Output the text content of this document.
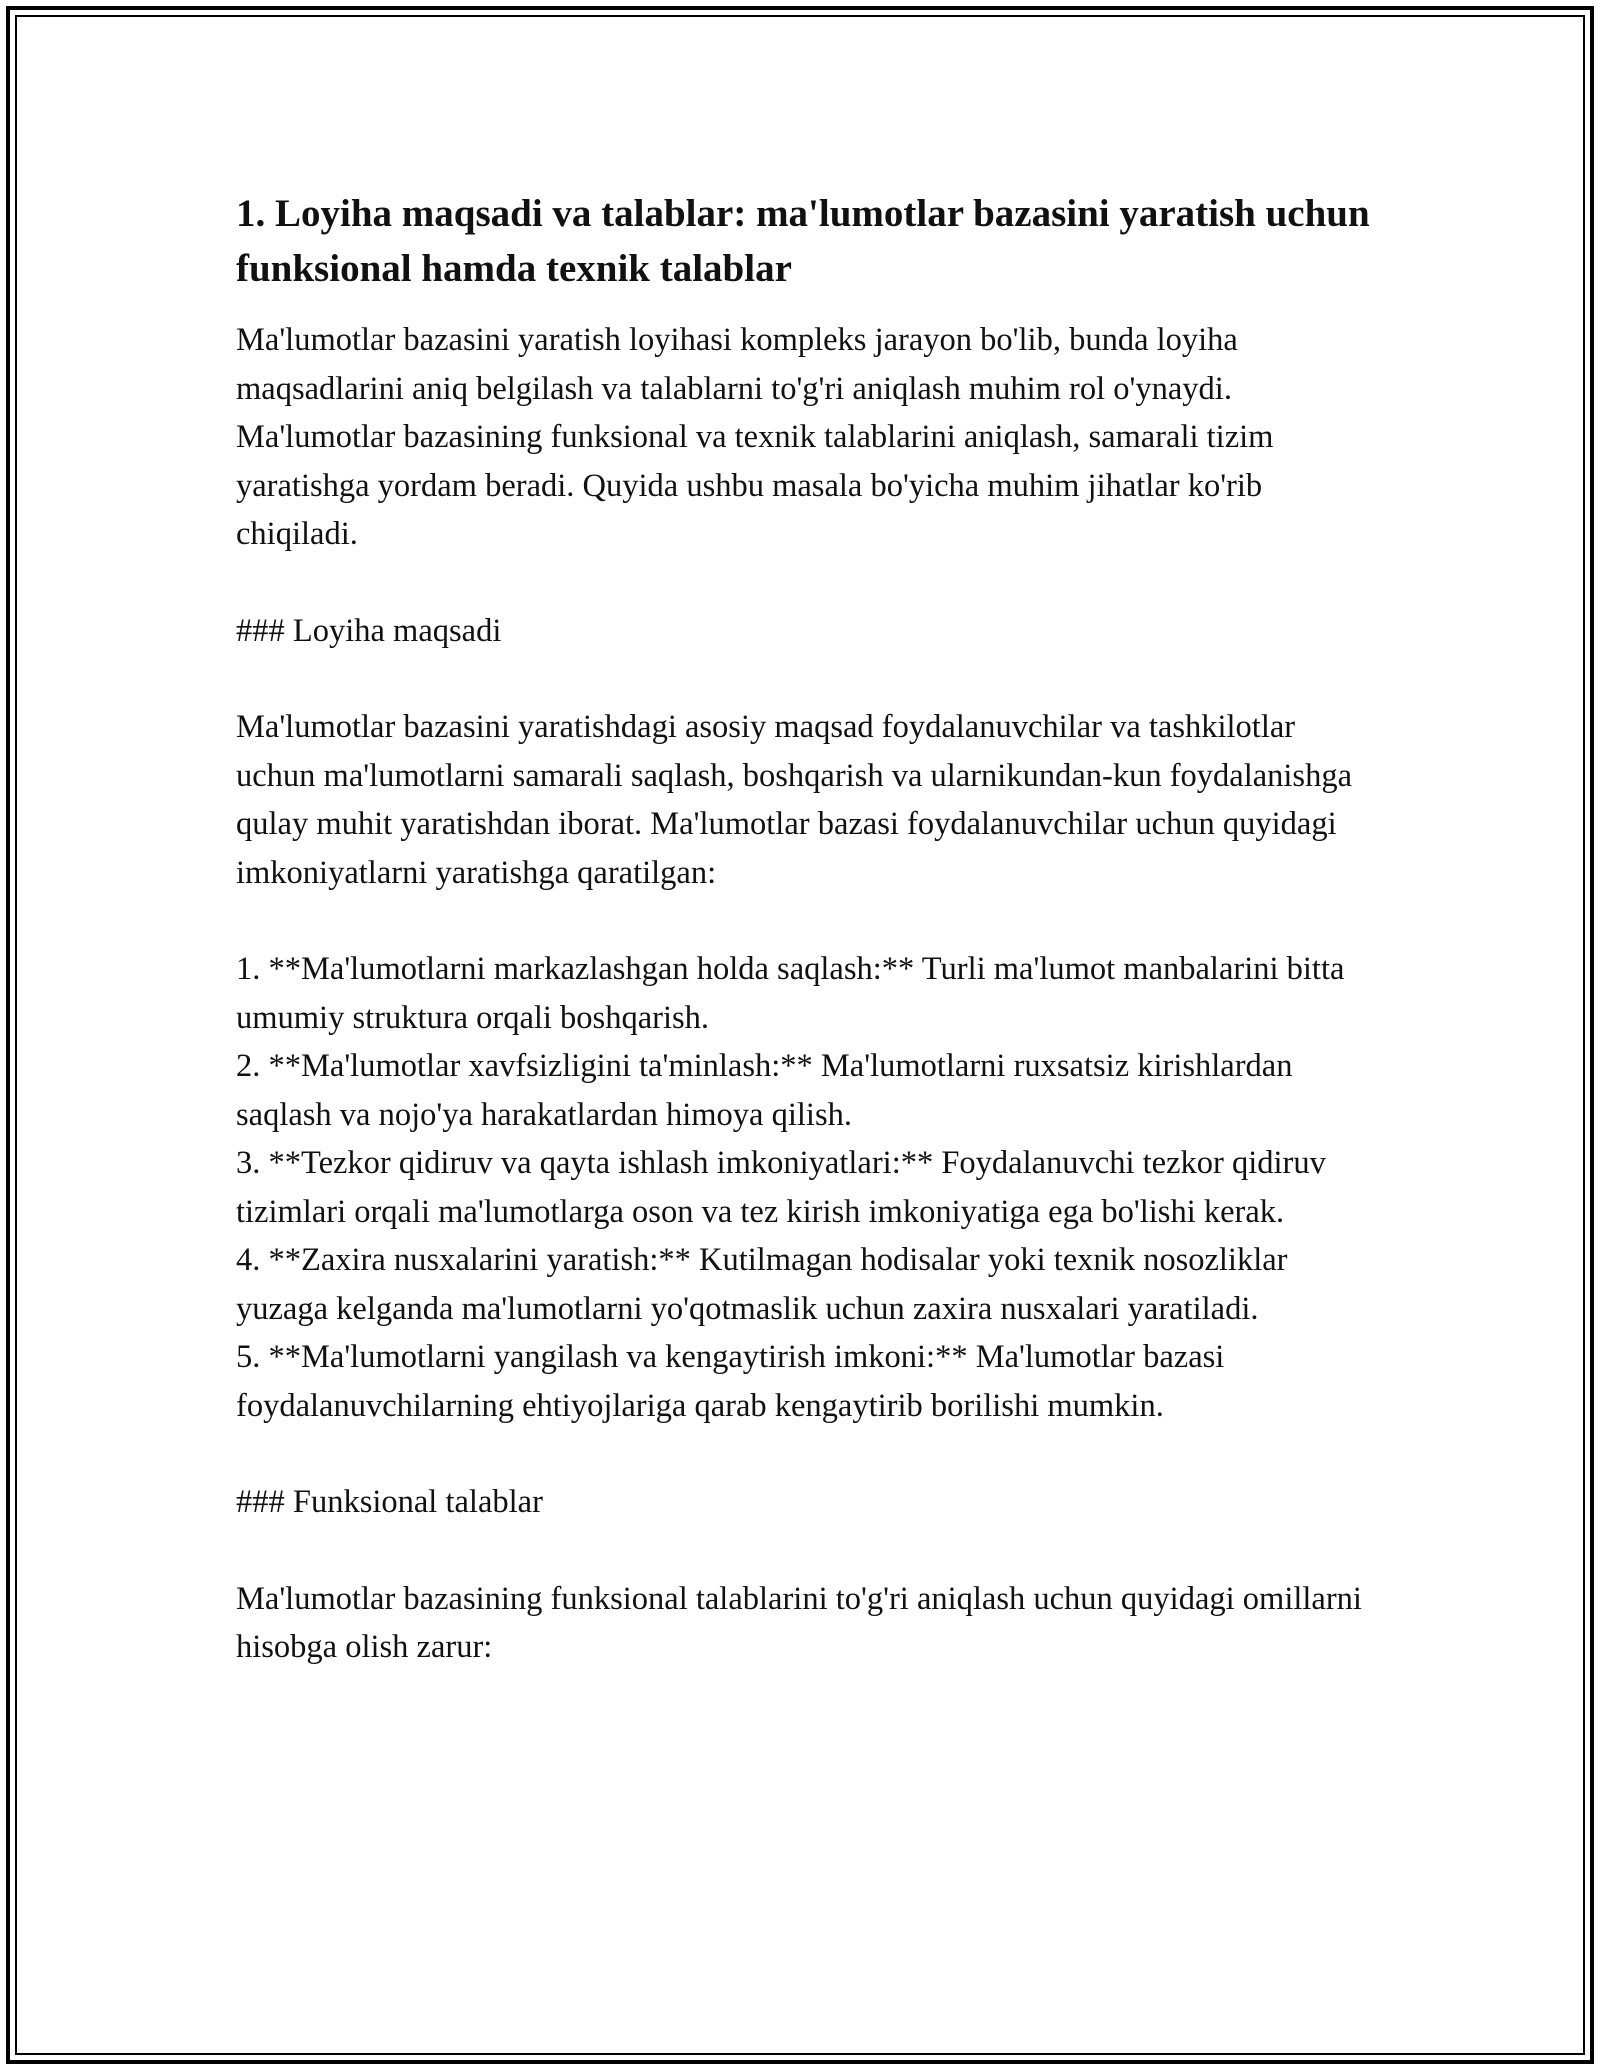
1. Loyiha maqsadi va talablar: ma'lumotlar bazasini yaratish uchun funksional hamda texnik talablar

Ma'lumotlar bazasini yaratish loyihasi kompleks jarayon bo'lib, bunda loyiha maqsadlarini aniq belgilash va talablarni to'g'ri aniqlash muhim rol o'ynaydi. Ma'lumotlar bazasining funksional va texnik talablarini aniqlash, samarali tizim yaratishga yordam beradi. Quyida ushbu masala bo'yicha muhim jihatlar ko'rib chiqiladi.

### Loyiha maqsadi

Ma'lumotlar bazasini yaratishdagi asosiy maqsad foydalanuvchilar va tashkilotlar uchun ma'lumotlarni samarali saqlash, boshqarish va ularnikundan-kun foydalanishga qulay muhit yaratishdan iborat. Ma'lumotlar bazasi foydalanuvchilar uchun quyidagi imkoniyatlarni yaratishga qaratilgan:

1. **Ma'lumotlarni markazlashgan holda saqlash:** Turli ma'lumot manbalarini bitta umumiy struktura orqali boshqarish.

2. **Ma'lumotlar xavfsizligini ta'minlash:** Ma'lumotlarni ruxsatsiz kirishlardan saqlash va nojo'ya harakatlardan himoya qilish.

3. **Tezkor qidiruv va qayta ishlash imkoniyatlari:** Foydalanuvchi tezkor qidiruv tizimlari orqali ma'lumotlarga oson va tez kirish imkoniyatiga ega bo'lishi kerak.

4. **Zaxira nusxalarini yaratish:** Kutilmagan hodisalar yoki texnik nosozliklar yuzaga kelganda ma'lumotlarni yo'qotmaslik uchun zaxira nusxalari yaratiladi.

5. **Ma'lumotlarni yangilash va kengaytirish imkoni:** Ma'lumotlar bazasi foydalanuvchilarning ehtiyojlariga qarab kengaytirib borilishi mumkin.

### Funksional talablar

Ma'lumotlar bazasining funksional talablarini to'g'ri aniqlash uchun quyidagi omillarni hisobga olish zarur:
